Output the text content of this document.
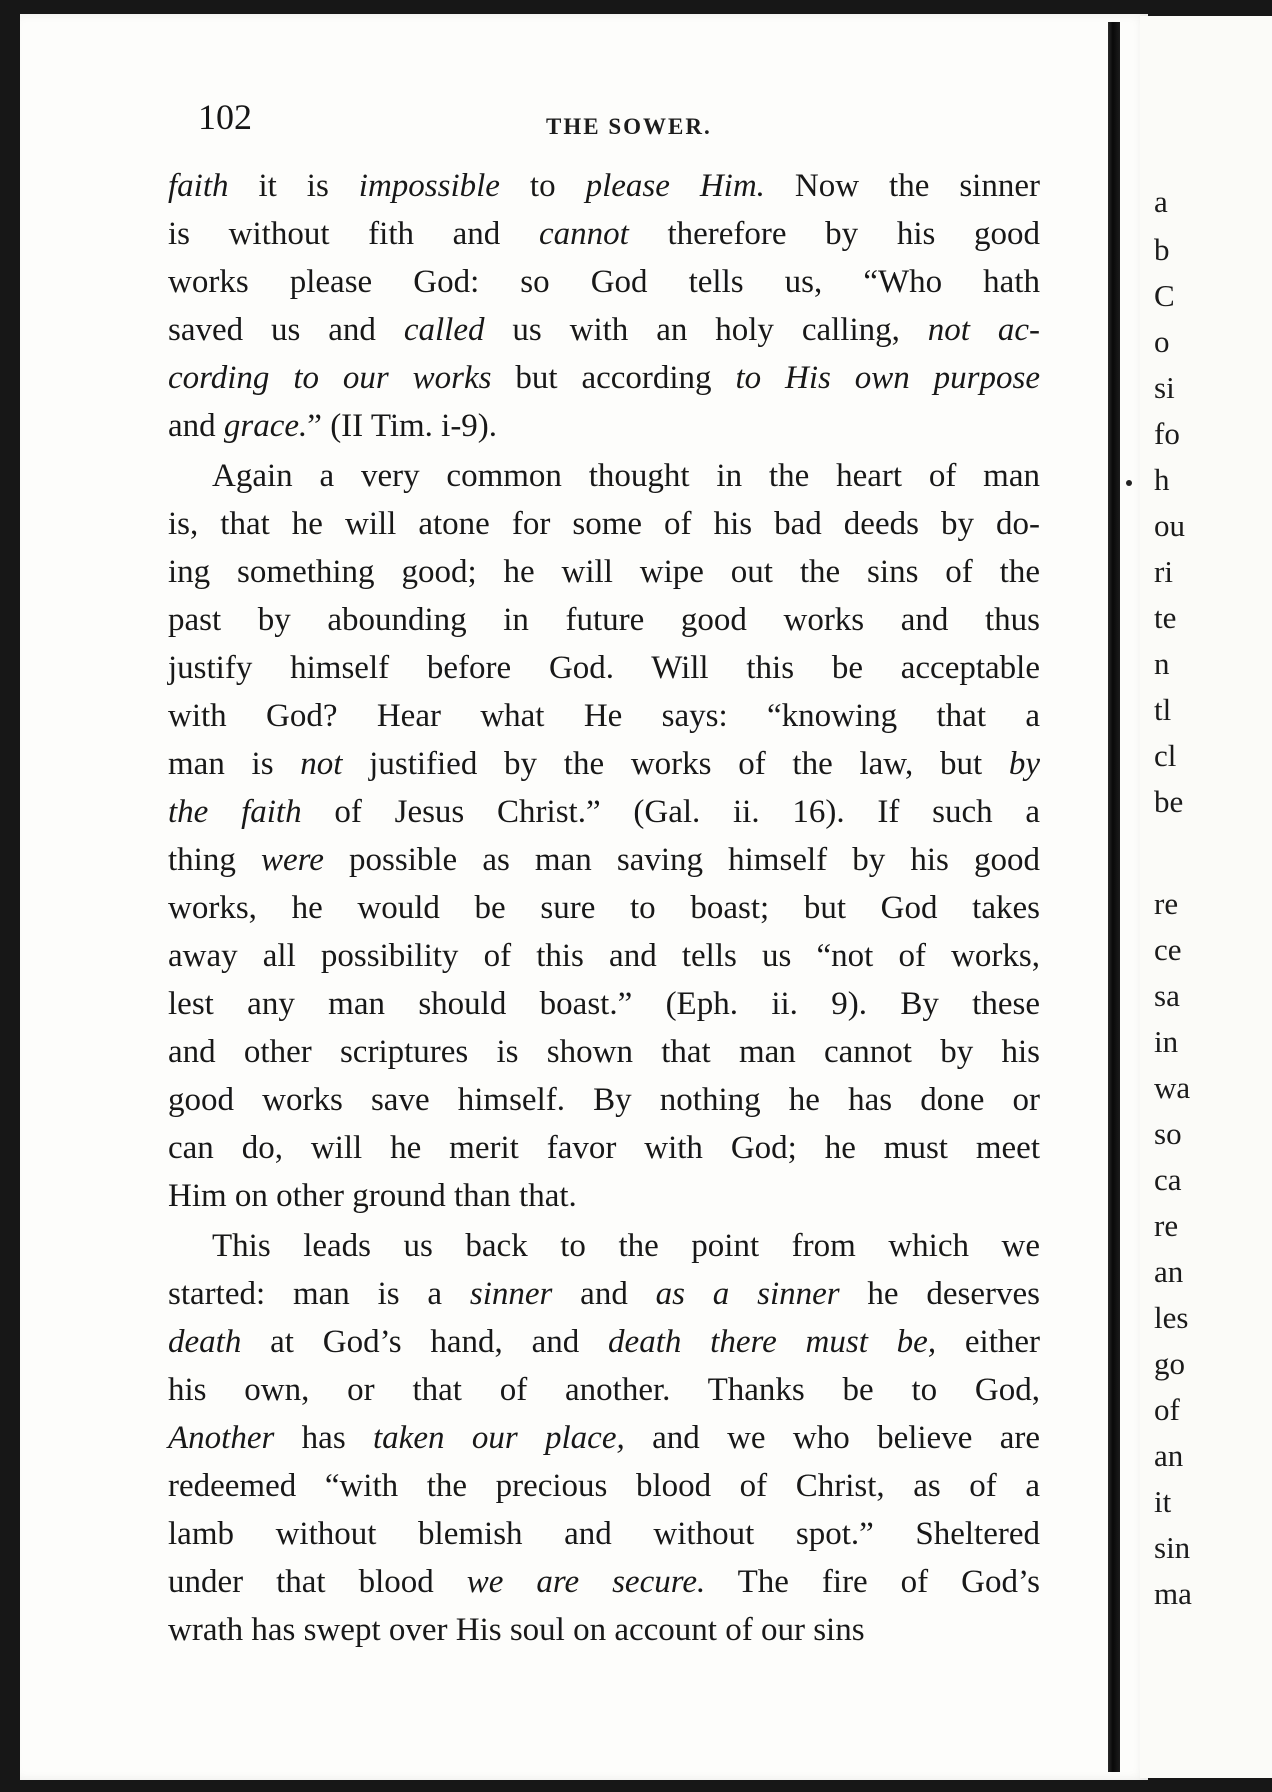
102	THE SOWER.
faith it is impossible to please Him. Now the sinner
is without fith and cannot therefore by his good
works please God: so God tells us, “Who hath
saved us and called us with an holy calling, not ac-
cording to our works but according to His own purpose
and grace.” (II Tim. i-9).
Again a very common thought in the heart of man
is, that he will atone for some of his bad deeds by do-
ing something good; he will wipe out the sins of the
past by abounding in future good works and thus
justify himself before God. Will this be acceptable
with God? Hear what He says: “knowing that a
man is not justified by the works of the law, but by
the faith of Jesus Christ.” (Gal. ii. 16). If such a
thing were possible as man saving himself by his good
works, he would be sure to boast; but God takes
away all possibility of this and tells us “not of works,
lest any man should boast.” (Eph. ii. 9). By these
and other scriptures is shown that man cannot by his
good works save himself. By nothing he has done or
can do, will he merit favor with God; he must meet
Him on other ground than that.
This leads us back to the point from which we
started: man is a sinner and as a sinner he deserves
death at God’s hand, and death there must be, either
his own, or that of another. Thanks be to God,
Another has taken our place, and we who believe are
redeemed “with the precious blood of Christ, as of a
lamb without blemish and without spot.” Sheltered
under that blood we are secure. The fire of God’s
wrath has swept over His soul on account of our sins
a
b
C
o
si
fo
h
ou
ri
te
n
tl
cl
be
re
ce
sa
in
wa
so
ca
re
an
les
go
of
an
it
sin
ma
